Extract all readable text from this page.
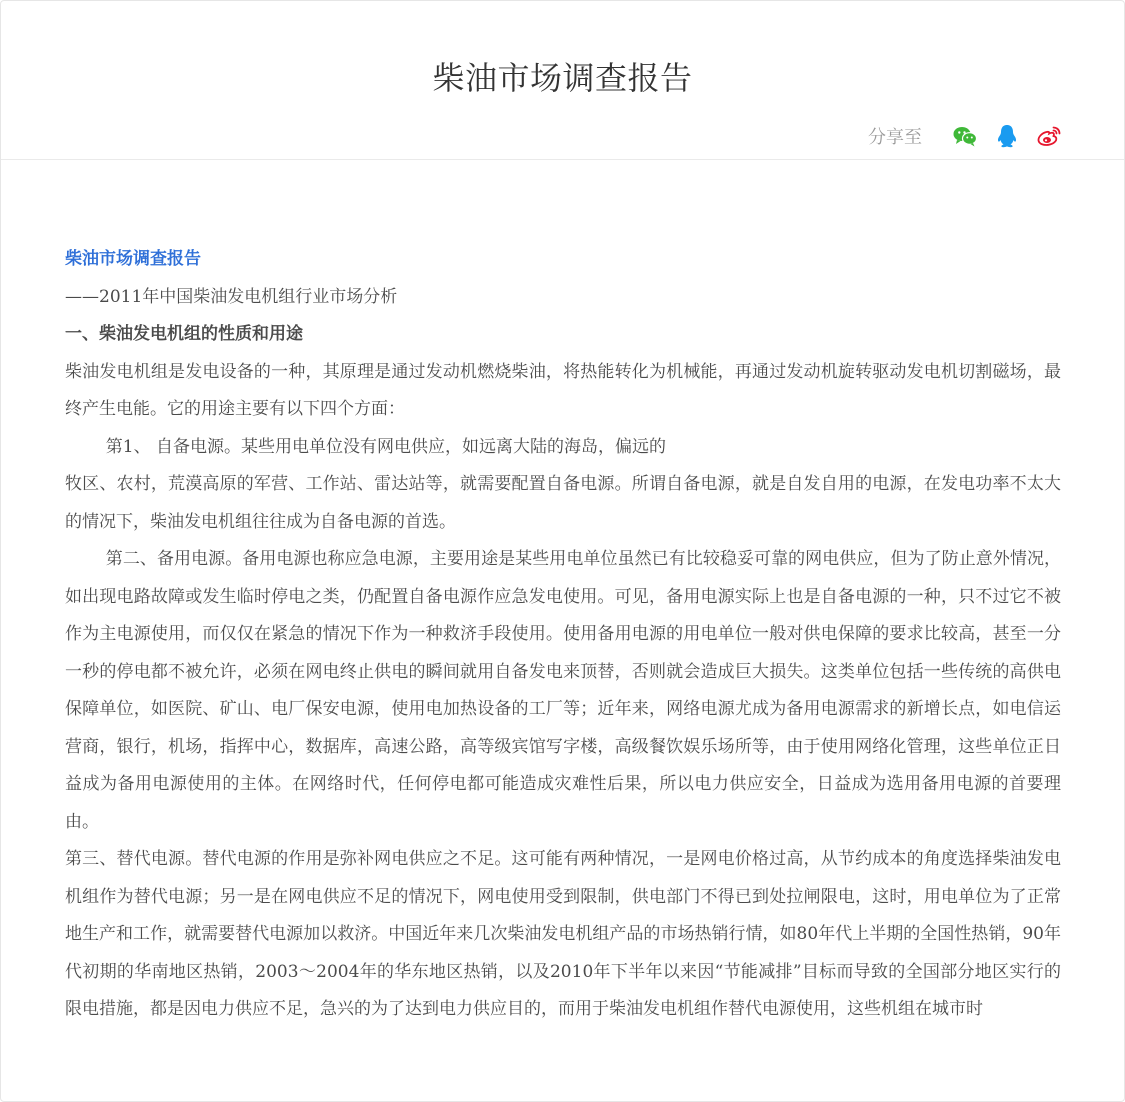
柴油市场调查报告
分享至

柴油市场调查报告

——2011年中国柴油发电机组行业市场分析

一、柴油发电机组的性质和用途

柴油发电机组是发电设备的一种，其原理是通过发动机燃烧柴油，将热能转化为机械能，再通过发动机旋转驱动发电机切割磁场，最终产生电能。它的用途主要有以下四个方面：

第1、 自备电源。某些用电单位没有网电供应，如远离大陆的海岛，偏远的

牧区、农村，荒漠高原的军营、工作站、雷达站等，就需要配置自备电源。所谓自备电源，就是自发自用的电源，在发电功率不太大的情况下，柴油发电机组往往成为自备电源的首选。

第二、备用电源。备用电源也称应急电源，主要用途是某些用电单位虽然已有比较稳妥可靠的网电供应，但为了防止意外情况，如出现电路故障或发生临时停电之类，仍配置自备电源作应急发电使用。可见，备用电源实际上也是自备电源的一种，只不过它不被作为主电源使用，而仅仅在紧急的情况下作为一种救济手段使用。使用备用电源的用电单位一般对供电保障的要求比较高，甚至一分一秒的停电都不被允许，必须在网电终止供电的瞬间就用自备发电来顶替，否则就会造成巨大损失。这类单位包括一些传统的高供电保障单位，如医院、矿山、电厂保安电源，使用电加热设备的工厂等；近年来，网络电源尤成为备用电源需求的新增长点，如电信运营商，银行，机场，指挥中心，数据库，高速公路，高等级宾馆写字楼，高级餐饮娱乐场所等，由于使用网络化管理，这些单位正日益成为备用电源使用的主体。在网络时代，任何停电都可能造成灾难性后果，所以电力供应安全，日益成为选用备用电源的首要理由。

第三、替代电源。替代电源的作用是弥补网电供应之不足。这可能有两种情况，一是网电价格过高，从节约成本的角度选择柴油发电机组作为替代电源；另一是在网电供应不足的情况下，网电使用受到限制，供电部门不得已到处拉闸限电，这时，用电单位为了正常地生产和工作，就需要替代电源加以救济。中国近年来几次柴油发电机组产品的市场热销行情，如80年代上半期的全国性热销，90年代初期的华南地区热销，2003～2004年的华东地区热销，以及2010年下半年以来因“节能减排”目标而导致的全国部分地区实行的限电措施，都是因电力供应不足，急兴的为了达到电力供应目的，而用于柴油发电机组作替代电源使用，这些机组在城市时
